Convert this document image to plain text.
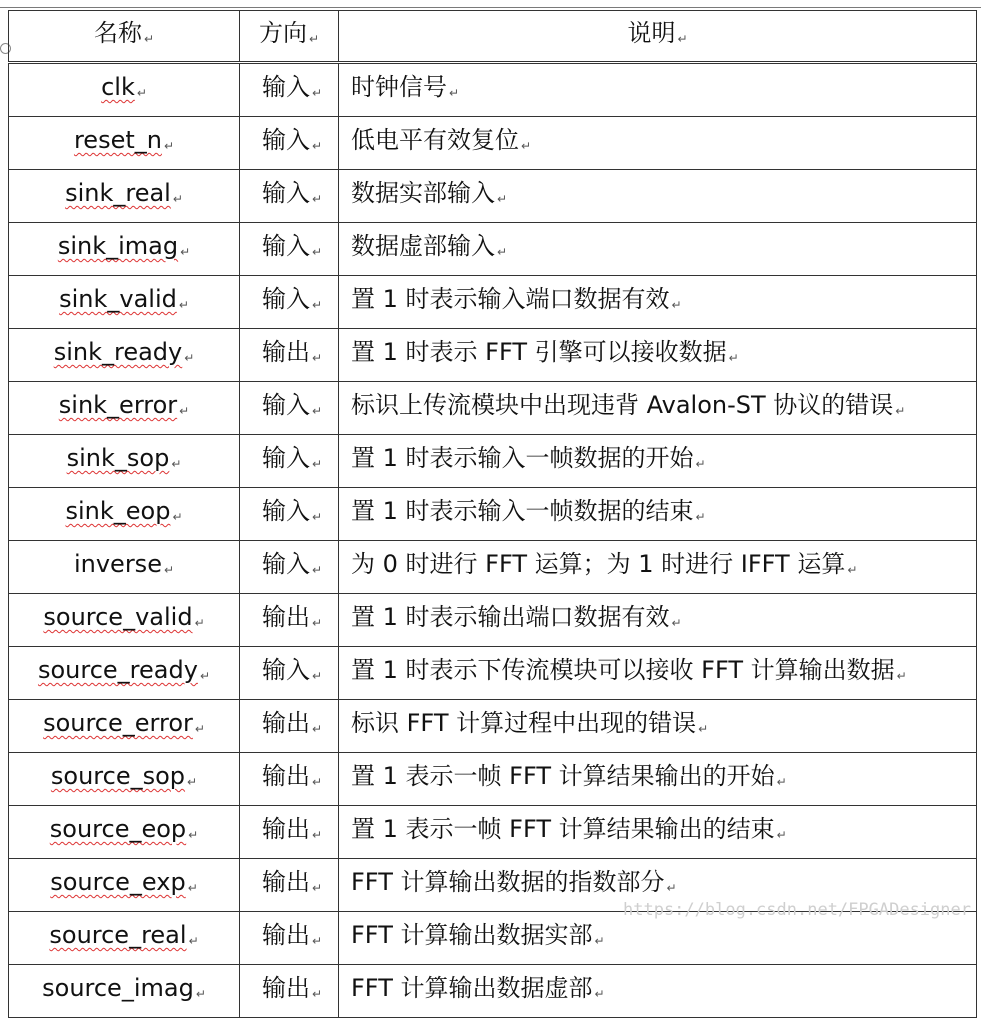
名称 ↵	方向 ↵	说明 ↵
clk ↵	输入 ↵	时钟信号 ↵
reset_n ↵	输入 ↵	低电平有效复位 ↵
sink_real ↵	输入 ↵	数据实部输入 ↵
sink_imag ↵	输入 ↵	数据虚部输入 ↵
sink_valid ↵	输入 ↵	置 1 时表示输入端口数据有效 ↵
sink_ready ↵	输出 ↵	置 1 时表示 FFT 引擎可以接收数据 ↵
sink_error ↵	输入 ↵	标识上传流模块中出现违背 Avalon-ST 协议的错误 ↵
sink_sop ↵	输入 ↵	置 1 时表示输入一帧数据的开始 ↵
sink_eop ↵	输入 ↵	置 1 时表示输入一帧数据的结束 ↵
inverse ↵	输入 ↵	为 0 时进行 FFT 运算；为 1 时进行 IFFT 运算 ↵
source_valid ↵	输出 ↵	置 1 时表示输出端口数据有效 ↵
source_ready ↵	输入 ↵	置 1 时表示下传流模块可以接收 FFT 计算输出数据 ↵
source_error ↵	输出 ↵	标识 FFT 计算过程中出现的错误 ↵
source_sop ↵	输出 ↵	置 1 表示一帧 FFT 计算结果输出的开始 ↵
source_eop ↵	输出 ↵	置 1 表示一帧 FFT 计算结果输出的结束 ↵
source_exp ↵	输出 ↵	FFT 计算输出数据的指数部分 ↵
source_real ↵	输出 ↵	FFT 计算输出数据实部 ↵
source_imag ↵	输出 ↵	FFT 计算输出数据虚部 ↵
https://blog.csdn.net/FPGADesigner
